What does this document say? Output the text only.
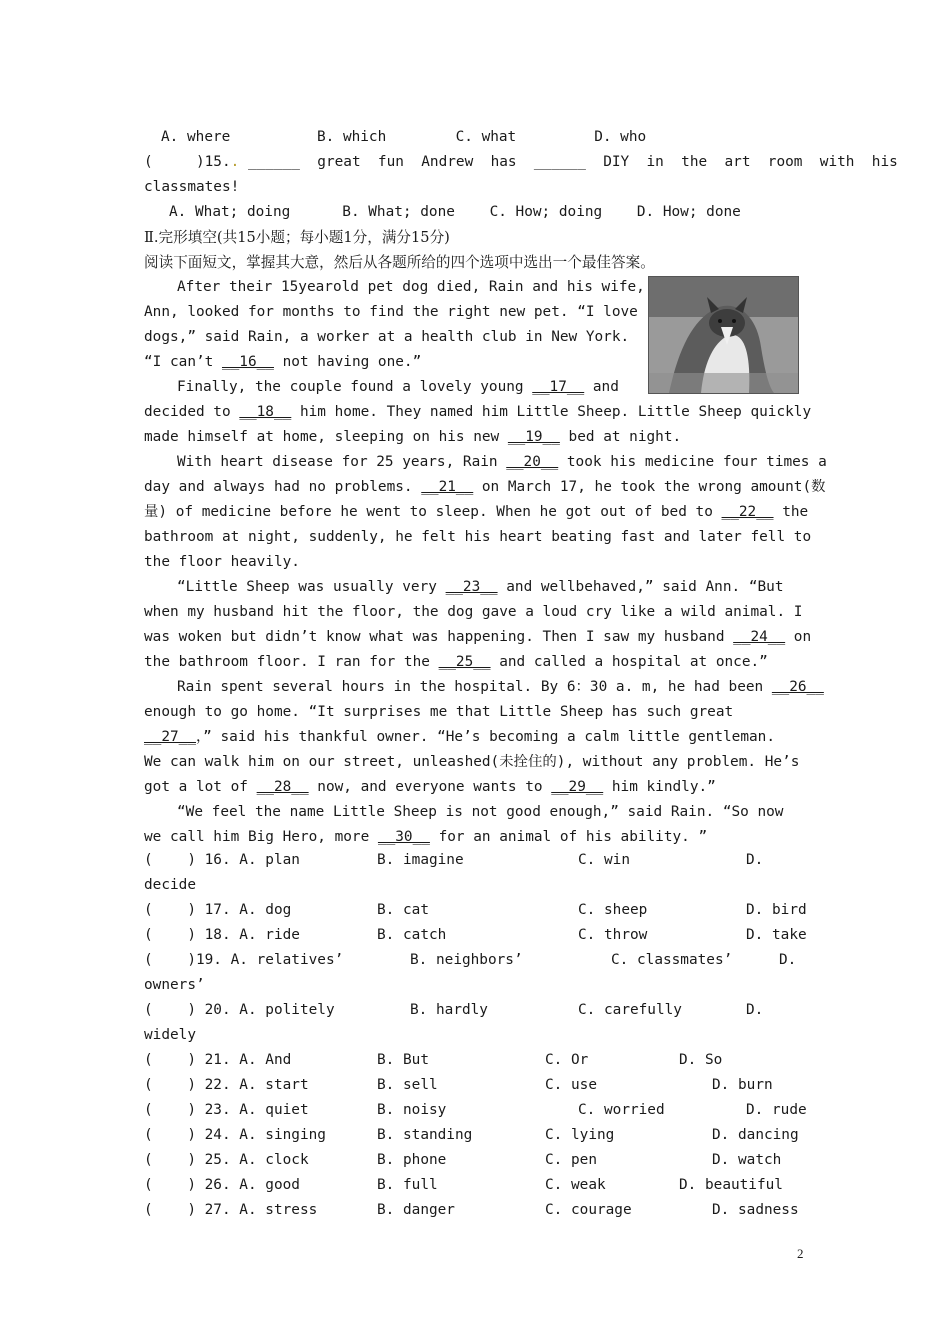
A. where          B. which        C. what         D. who
(     )15.. ______  great  fun  Andrew  has  ______  DIY  in  the  art  room  with  his
classmates!
A. What; doing      B. What; done    C. How; doing    D. How; done
Ⅱ.完形填空(共15小题；每小题1分，满分15分)
阅读下面短文，掌握其大意，然后从各题所给的四个选项中选出一个最佳答案。
After their 15yearold pet dog died, Rain and his wife,
Ann, looked for months to find the right new pet. “I love
dogs,” said Rain, a worker at a health club in New York.
“I can’t __16__ not having one.”
Finally, the couple found a lovely young __17__ and
decided to __18__ him home. They named him Little Sheep. Little Sheep quickly
made himself at home, sleeping on his new __19__ bed at night.
With heart disease for 25 years, Rain __20__ took his medicine four times a
day and always had no problems. __21__ on March 17, he took the wrong amount(数
量) of medicine before he went to sleep. When he got out of bed to __22__ the
bathroom at night, suddenly, he felt his heart beating fast and later fell to
the floor heavily.
“Little Sheep was usually very __23__ and wellbehaved,” said Ann. “But
when my husband hit the floor, the dog gave a loud cry like a wild animal. I
was woken but didn’t know what was happening. Then I saw my husband __24__ on
the bathroom floor. I ran for the __25__ and called a hospital at once.”
Rain spent several hours in the hospital. By 6：30 a. m, he had been __26__
enough to go home. “It surprises me that Little Sheep has such great
__27__，” said his thankful owner. “He’s becoming a calm little gentleman.
We can walk him on our street, unleashed(未拴住的), without any problem. He’s
got a lot of __28__ now, and everyone wants to __29__ him kindly.”
“We feel the name Little Sheep is not good enough,” said Rain. “So now
we call him Big Hero, more __30__ for an animal of his ability. ”
(    ) 16. A. plan	B. imagine	C. win	D.
decide
(    ) 17. A. dog	B. cat	C. sheep	D. bird
(    ) 18. A. ride	B. catch	C. throw	D. take
(    )19. A. relatives’	B. neighbors’	C. classmates’	D.
owners’
(    ) 20. A. politely	B. hardly	C. carefully	D.
widely
(    ) 21. A. And	B. But	C. Or	D. So
(    ) 22. A. start	B. sell	C. use	D. burn
(    ) 23. A. quiet	B. noisy	C. worried	D. rude
(    ) 24. A. singing	B. standing	C. lying	D. dancing
(    ) 25. A. clock	B. phone	C. pen	D. watch
(    ) 26. A. good	B. full	C. weak	D. beautiful
(    ) 27. A. stress	B. danger	C. courage	D. sadness
2
